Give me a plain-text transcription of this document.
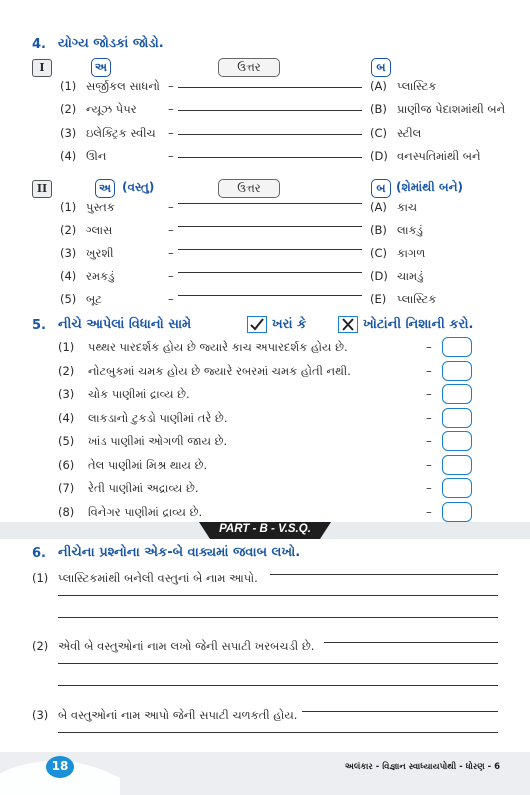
4. યોગ્ય જોડકાં જોડો.
I	અ	ઉત્તર	બ
(1) સર્જીકલ સાધનો –	(A) પ્લાસ્ટિક
(2) ન્યૂઝ પેપર	–	(B) પ્રાણીજ પેદાશમાંથી બને
(3) ઇલેક્ટ્રિક સ્વીચ –	(C) સ્ટીલ
(4) ઊન	–	(D) વનસ્પતિમાંથી બને
II	અ (વસ્તુ)	ઉત્તર	બ (શેમાંથી બને)
(1) પુસ્તક	–	(A) કાચ
(2) ગ્લાસ	–	(B) લાકડું
(3) ખુરશી	–	(C) કાગળ
(4) રમકડું	–	(D) ચામડું
(5) બૂટ	–	(E) પ્લાસ્ટિક
5. નીચે આપેલાં વિધાનો સામે	ખરાં કે	ખોટાંની નિશાની કરો.
(1) પથ્થર પારદર્શક હોય છે જ્યારે કાચ અપારદર્શક હોય છે.	–
(2) નોટબુકમાં ચમક હોય છે જ્યારે રબરમાં ચમક હોતી નથી.	–
(3) ચોક પાણીમાં દ્રાવ્ય છે.	–
(4) લાકડાનો ટુકડો પાણીમાં તરે છે.	–
(5) ખાંડ પાણીમાં ઓગળી જાય છે.	–
(6) તેલ પાણીમાં મિશ્ર થાય છે.	–
(7) રેતી પાણીમાં અદ્રાવ્ય છે.	–
(8) વિનેગર પાણીમાં દ્રાવ્ય છે.	–
PART - B - V.S.Q.
6. નીચેના પ્રશ્નોના એક-બે વાક્યમાં જવાબ લખો.
(1) પ્લાસ્ટિકમાંથી બનેલી વસ્તુનાં બે નામ આપો.
(2) એવી બે વસ્તુઓનાં નામ લખો જેની સપાટી ખરબચડી છે.
(3) બે વસ્તુઓનાં નામ આપો જેની સપાટી ચળકતી હોય.
18	અલંકાર - વિજ્ઞાન સ્વાધ્યાયપોથી - ધોરણ - 6
